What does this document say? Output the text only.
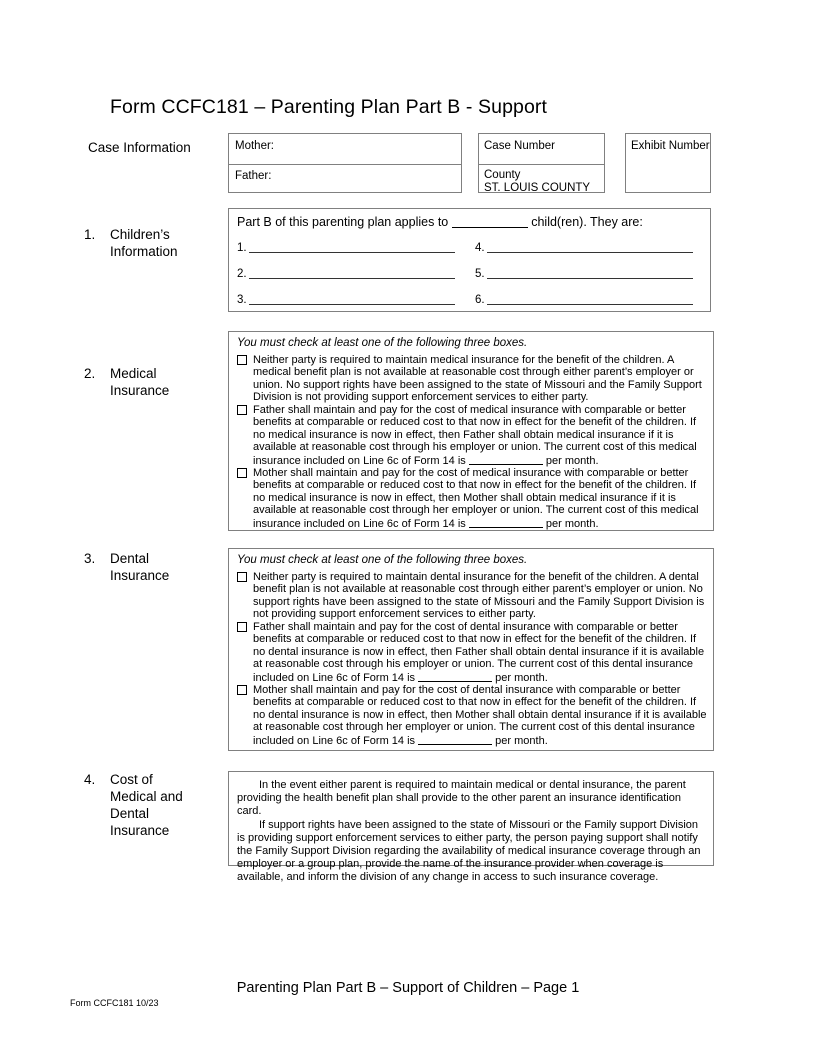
Form CCFC181 – Parenting Plan Part B - Support
Case Information	Mother:
Father:
Case Number
County
ST. LOUIS COUNTY
Exhibit Number
1. Children’s
Information
Part B of this parenting plan applies to	child(ren). They are:
1.
2.
3.
4.
5.
6.
2. Medical
Insurance
You must check at least one of the following three boxes.
Neither party is required to maintain medical insurance for the benefit of the children. A medical benefit plan is not available at reasonable cost through either parent’s employer or union. No support rights have been assigned to the state of Missouri and the Family Support Division is not providing support enforcement services to either party.
Father shall maintain and pay for the cost of medical insurance with comparable or better benefits at comparable or reduced cost to that now in effect for the benefit of the children. If no medical insurance is now in effect, then Father shall obtain medical insurance if it is available at reasonable cost through his employer or union. The current cost of this medical insurance included on Line 6c of Form 14 is	per month.
Mother shall maintain and pay for the cost of medical insurance with comparable or better benefits at comparable or reduced cost to that now in effect for the benefit of the children. If no medical insurance is now in effect, then Mother shall obtain medical insurance if it is available at reasonable cost through her employer or union. The current cost of this medical insurance included on Line 6c of Form 14 is	per month.
3. Dental
Insurance
You must check at least one of the following three boxes.
Neither party is required to maintain dental insurance for the benefit of the children. A dental benefit plan is not available at reasonable cost through either parent’s employer or union. No support rights have been assigned to the state of Missouri and the Family Support Division is not providing support enforcement services to either party.
Father shall maintain and pay for the cost of dental insurance with comparable or better benefits at comparable or reduced cost to that now in effect for the benefit of the children. If no dental insurance is now in effect, then Father shall obtain dental insurance if it is available at reasonable cost through his employer or union. The current cost of this dental insurance included on Line 6c of Form 14 is	per month.
Mother shall maintain and pay for the cost of dental insurance with comparable or better benefits at comparable or reduced cost to that now in effect for the benefit of the children. If no dental insurance is now in effect, then Mother shall obtain dental insurance if it is available at reasonable cost through her employer or union. The current cost of this dental insurance included on Line 6c of Form 14 is	per month.
4. Cost of
Medical and
Dental
Insurance

In the event either parent is required to maintain medical or dental insurance, the parent providing the health benefit plan shall provide to the other parent an insurance identification card.

If support rights have been assigned to the state of Missouri or the Family support Division is providing support enforcement services to either party, the person paying support shall notify the Family Support Division regarding the availability of medical insurance coverage through an employer or a group plan, provide the name of the insurance provider when coverage is available, and inform the division of any change in access to such insurance coverage.

Parenting Plan Part B – Support of Children – Page 1
Form CCFC181 10/23
